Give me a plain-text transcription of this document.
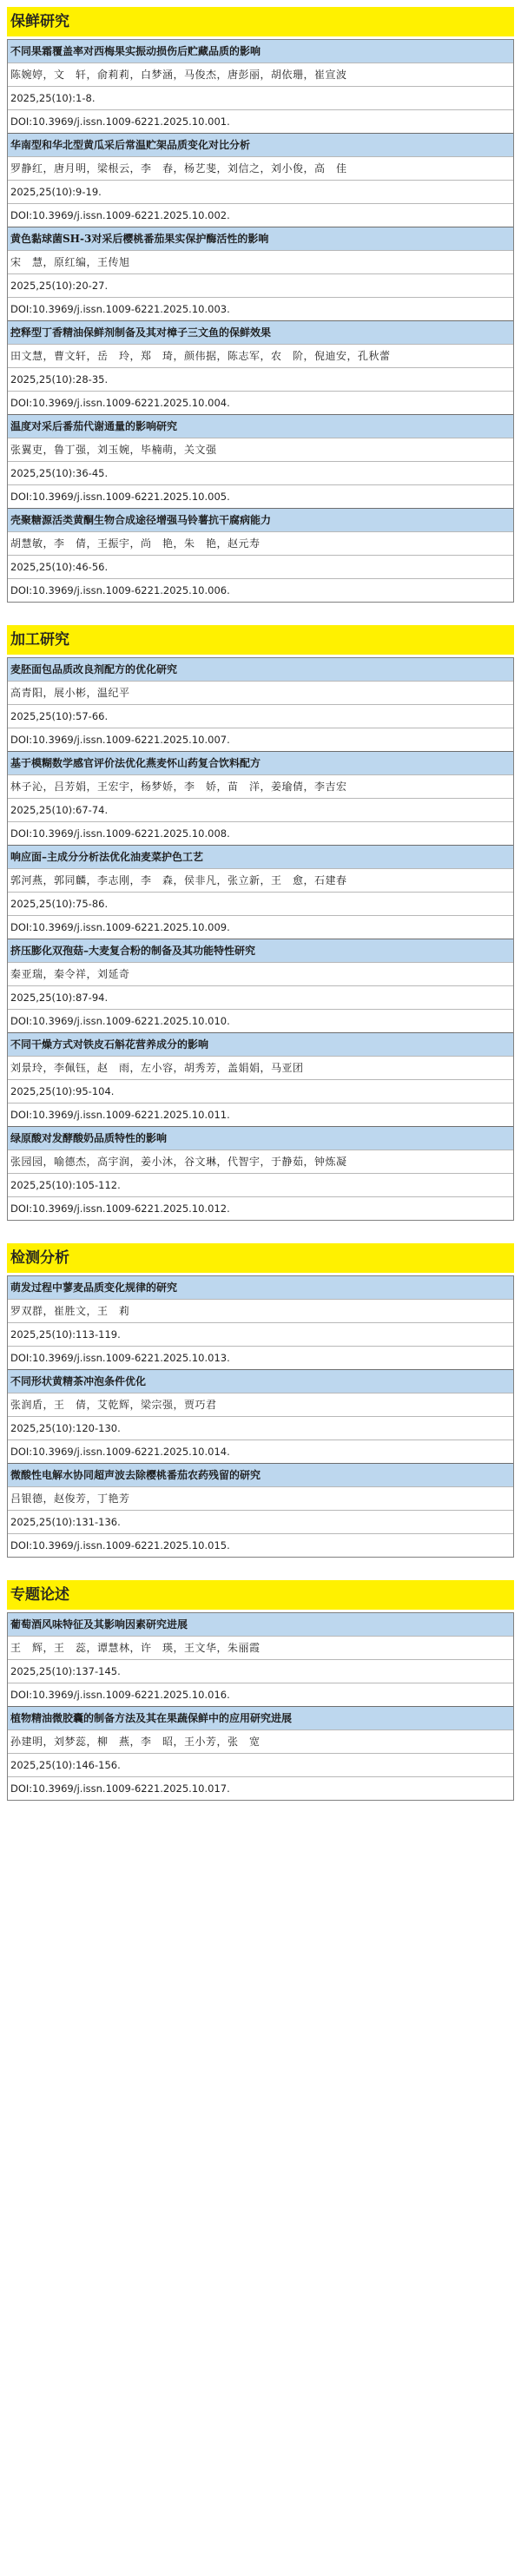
保鲜研究
不同果霜覆盖率对西梅果实振动损伤后贮藏品质的影响
陈婉婷，文　轩，俞莉莉，白梦涵，马俊杰，唐彭丽，胡依珊，崔宣波
2025,25(10):1-8.
DOI:10.3969/j.issn.1009-6221.2025.10.001.
华南型和华北型黄瓜采后常温贮架品质变化对比分析
罗静红，唐月明，梁根云，李　春，杨艺斐，刘信之，刘小俊，高　佳
2025,25(10):9-19.
DOI:10.3969/j.issn.1009-6221.2025.10.002.
黄色黏球菌SH-3对采后樱桃番茄果实保护酶活性的影响
宋　慧，原红编，王传旭
2025,25(10):20-27.
DOI:10.3969/j.issn.1009-6221.2025.10.003.
控释型丁香精油保鲜剂制备及其对樟子三文鱼的保鲜效果
田文慧，曹文轩，岳　玲，郑　琦，颜伟据，陈志军，农　阶，倪迪安，孔秋蕾
2025,25(10):28-35.
DOI:10.3969/j.issn.1009-6221.2025.10.004.
温度对采后番茄代谢通量的影响研究
张翼吏，鲁丁强，刘玉婉，毕楠萌，关文强
2025,25(10):36-45.
DOI:10.3969/j.issn.1009-6221.2025.10.005.
壳聚糖源活类黄酮生物合成途径增强马铃薯抗干腐病能力
胡慧敏，李　倩，王振宇，尚　艳，朱　艳，赵元寿
2025,25(10):46-56.
DOI:10.3969/j.issn.1009-6221.2025.10.006.
加工研究
麦胚面包品质改良剂配方的优化研究
高青阳，展小彬，温纪平
2025,25(10):57-66.
DOI:10.3969/j.issn.1009-6221.2025.10.007.
基于模糊数学感官评价法优化燕麦怀山药复合饮料配方
林子沁，吕芳娟，王宏宇，杨梦娇，李　娇，苗　洋，姜瑜倩，李吉宏
2025,25(10):67-74.
DOI:10.3969/j.issn.1009-6221.2025.10.008.
响应面–主成分分析法优化油麦菜护色工艺
郭河燕，郭同麟，李志刚，李　森，侯非凡，张立新，王　愈，石建春
2025,25(10):75-86.
DOI:10.3969/j.issn.1009-6221.2025.10.009.
挤压膨化双孢菇–大麦复合粉的制备及其功能特性研究
秦亚瑞，秦令祥，刘延奇
2025,25(10):87-94.
DOI:10.3969/j.issn.1009-6221.2025.10.010.
不同干燥方式对铁皮石斛花营养成分的影响
刘景玲，李佩钰，赵　雨，左小容，胡秀芳，盖娟娟，马亚团
2025,25(10):95-104.
DOI:10.3969/j.issn.1009-6221.2025.10.011.
绿原酸对发酵酸奶品质特性的影响
张园园，喻德杰，高宇润，姜小沐，谷文琳，代智宇，于静茹，钟炼凝
2025,25(10):105-112.
DOI:10.3969/j.issn.1009-6221.2025.10.012.
检测分析
萌发过程中蓼麦品质变化规律的研究
罗双群，崔胜文，王　莉
2025,25(10):113-119.
DOI:10.3969/j.issn.1009-6221.2025.10.013.
不同形状黄精茶冲泡条件优化
张润盾，王　倩，艾乾辉，梁宗强，贾巧君
2025,25(10):120-130.
DOI:10.3969/j.issn.1009-6221.2025.10.014.
微酸性电解水协同超声波去除樱桃番茄农药残留的研究
吕银德，赵俊芳，丁艳芳
2025,25(10):131-136.
DOI:10.3969/j.issn.1009-6221.2025.10.015.
专题论述
葡萄酒风味特征及其影响因素研究进展
王　辉，王　蕊，谭慧林，许　瑛，王文华，朱丽霞
2025,25(10):137-145.
DOI:10.3969/j.issn.1009-6221.2025.10.016.
植物精油微胶囊的制备方法及其在果蔬保鲜中的应用研究进展
孙建明，刘梦蕊，柳　燕，李　昭，王小芳，张　宽
2025,25(10):146-156.
DOI:10.3969/j.issn.1009-6221.2025.10.017.
